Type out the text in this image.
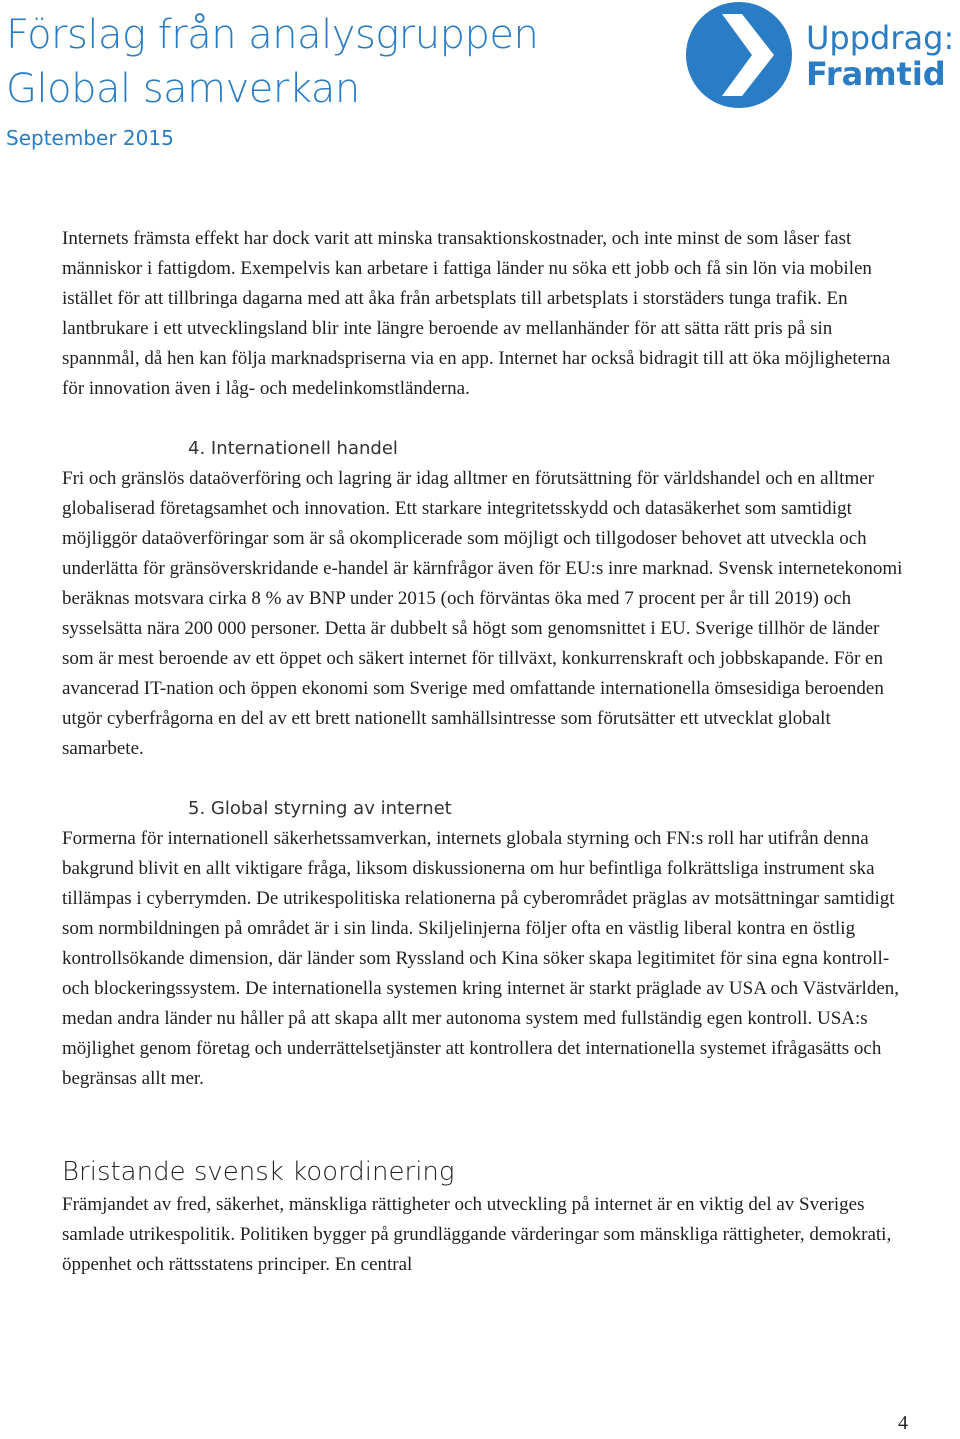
Förslag från analysgruppen
Global samverkan
September 2015
Uppdrag:
Framtid

Internets främsta effekt har dock varit att minska transaktionskostnader, och inte minst de som låser fast människor i fattigdom. Exempelvis kan arbetare i fattiga länder nu söka ett jobb och få sin lön via mobilen istället för att tillbringa dagarna med att åka från arbetsplats till arbetsplats i storstäders tunga trafik. En lantbrukare i ett utvecklingsland blir inte längre beroende av mellanhänder för att sätta rätt pris på sin spannmål, då hen kan följa marknadspriserna via en app. Internet har också bidragit till att öka möjligheterna för innovation även i låg- och medelinkomstländerna.

4. Internationell handel

Fri och gränslös dataöverföring och lagring är idag alltmer en förutsättning för världshandel och en alltmer globaliserad företagsamhet och innovation. Ett starkare integritetsskydd och datasäkerhet som samtidigt möjliggör dataöverföringar som är så okomplicerade som möjligt och tillgodoser behovet att utveckla och underlätta för gränsöverskridande e-handel är kärnfrågor även för EU:s inre marknad. Svensk internetekonomi beräknas motsvara cirka 8 % av BNP under 2015 (och förväntas öka med 7 procent per år till 2019) och sysselsätta nära 200 000 personer. Detta är dubbelt så högt som genomsnittet i EU. Sverige tillhör de länder som är mest beroende av ett öppet och säkert internet för tillväxt, konkurrenskraft och jobbskapande. För en avancerad IT-nation och öppen ekonomi som Sverige med omfattande internationella ömsesidiga beroenden utgör cyberfrågorna en del av ett brett nationellt samhällsintresse som förutsätter ett utvecklat globalt samarbete.

5. Global styrning av internet

Formerna för internationell säkerhetssamverkan, internets globala styrning och FN:s roll har utifrån denna bakgrund blivit en allt viktigare fråga, liksom diskussionerna om hur befintliga folkrättsliga instrument ska tillämpas i cyberrymden. De utrikespolitiska relationerna på cyberområdet präglas av motsättningar samtidigt som normbildningen på området är i sin linda. Skiljelinjerna följer ofta en västlig liberal kontra en östlig kontrollsökande dimension, där länder som Ryssland och Kina söker skapa legitimitet för sina egna kontroll- och blockeringssystem. De internationella systemen kring internet är starkt präglade av USA och Västvärlden, medan andra länder nu håller på att skapa allt mer autonoma system med fullständig egen kontroll. USA:s möjlighet genom företag och underrättelsetjänster att kontrollera det internationella systemet ifrågasätts och begränsas allt mer.

Bristande svensk koordinering

Främjandet av fred, säkerhet, mänskliga rättigheter och utveckling på internet är en viktig del av Sveriges samlade utrikespolitik. Politiken bygger på grundläggande värderingar som mänskliga rättigheter, demokrati, öppenhet och rättsstatens principer. En central

4
